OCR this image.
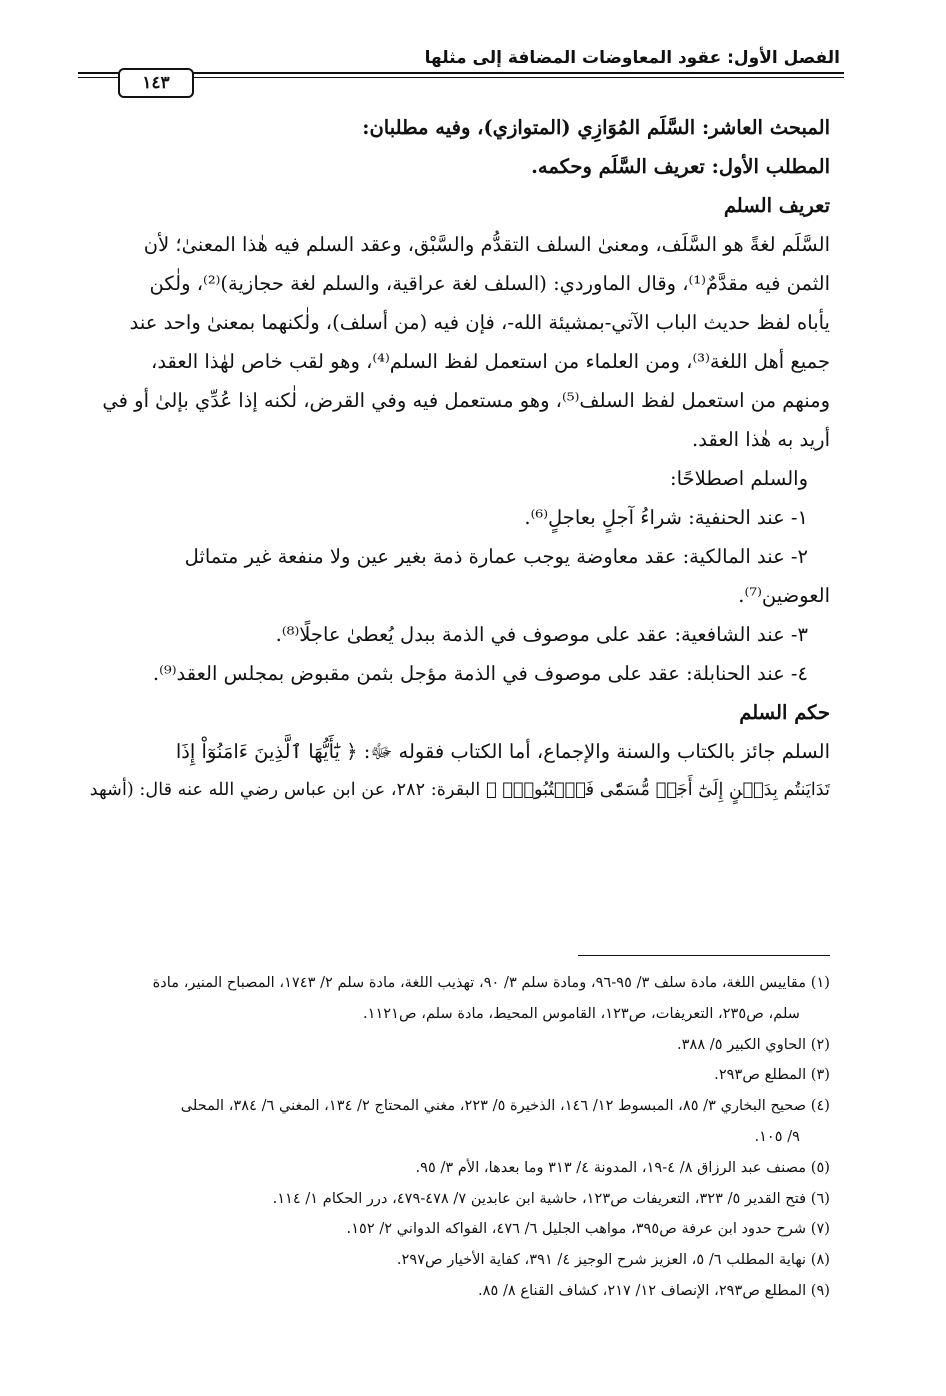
الفصل الأول: عقود المعاوضات المضافة إلى مثلها
١٤٣
المبحث العاشر: السَّلَم المُوَازِي (المتوازي)، وفيه مطلبان:
المطلب الأول: تعريف السَّلَم وحكمه.
تعريف السلم
السَّلَم لغةً هو السَّلَف، ومعنىٰ السلف التقدُّم والسَّبْق، وعقد السلم فيه هٰذا المعنىٰ؛ لأن
الثمن فيه مقدَّمٌ⁽¹⁾، وقال الماوردي: (السلف لغة عراقية، والسلم لغة حجازية)⁽²⁾، ولٰكن
يأباه لفظ حديث الباب الآتي-بمشيئة الله-، فإن فيه (من أسلف)، ولٰكنهما بمعنىٰ واحد عند
جميع أهل اللغة⁽³⁾، ومن العلماء من استعمل لفظ السلم⁽⁴⁾، وهو لقب خاص لهٰذا العقد،
ومنهم من استعمل لفظ السلف⁽⁵⁾، وهو مستعمل فيه وفي القرض، لٰكنه إذا عُدِّي بإلىٰ أو في
أريد به هٰذا العقد.
والسلم اصطلاحًا:
١- عند الحنفية: شراءُ آجلٍ بعاجلٍ⁽⁶⁾.
٢- عند المالكية: عقد معاوضة يوجب عمارة ذمة بغير عين ولا منفعة غير متماثل
العوضين⁽⁷⁾.
٣- عند الشافعية: عقد على موصوف في الذمة ببدل يُعطىٰ عاجلًا⁽⁸⁾.
٤- عند الحنابلة: عقد على موصوف في الذمة مؤجل بثمن مقبوض بمجلس العقد⁽⁹⁾.
حكم السلم
السلم جائز بالكتاب والسنة والإجماع، أما الكتاب فقوله ﷻ: ﴿ يَٰٓأَيُّهَا ٱلَّذِينَ ءَامَنُوٓاْ إِذَا
تَدَايَنتُم بِدَيۡنٍ إِلَىٰٓ أَجَلٖ مُّسَمّٗى فَٱكۡتُبُوهُۚ ﴾ البقرة: ٢٨٢، عن ابن عباس رضي الله عنه قال: (أشهد
(١) مقاييس اللغة، مادة سلف ٣/ ٩٥-٩٦، ومادة سلم ٣/ ٩٠، تهذيب اللغة، مادة سلم ٢/ ١٧٤٣، المصباح المنير، مادة
سلم، ص٢٣٥، التعريفات، ص١٢٣، القاموس المحيط، مادة سلم، ص١١٢١.
(٢) الحاوي الكبير ٥/ ٣٨٨.
(٣) المطلع ص٢٩٣.
(٤) صحيح البخاري ٣/ ٨٥، المبسوط ١٢/ ١٤٦، الذخيرة ٥/ ٢٢٣، مغني المحتاج ٢/ ١٣٤، المغني ٦/ ٣٨٤، المحلى
٩/ ١٠٥.
(٥) مصنف عبد الرزاق ٨/ ٤-١٩، المدونة ٤/ ٣١٣ وما بعدها، الأم ٣/ ٩٥.
(٦) فتح القدير ٥/ ٣٢٣، التعريفات ص١٢٣، حاشية ابن عابدين ٧/ ٤٧٨-٤٧٩، درر الحكام ١/ ١١٤.
(٧) شرح حدود ابن عرفة ص٣٩٥، مواهب الجليل ٦/ ٤٧٦، الفواكه الدواني ٢/ ١٥٢.
(٨) نهاية المطلب ٦/ ٥، العزيز شرح الوجيز ٤/ ٣٩١، كفاية الأخيار ص٢٩٧.
(٩) المطلع ص٢٩٣، الإنصاف ١٢/ ٢١٧، كشاف القناع ٨/ ٨٥.
